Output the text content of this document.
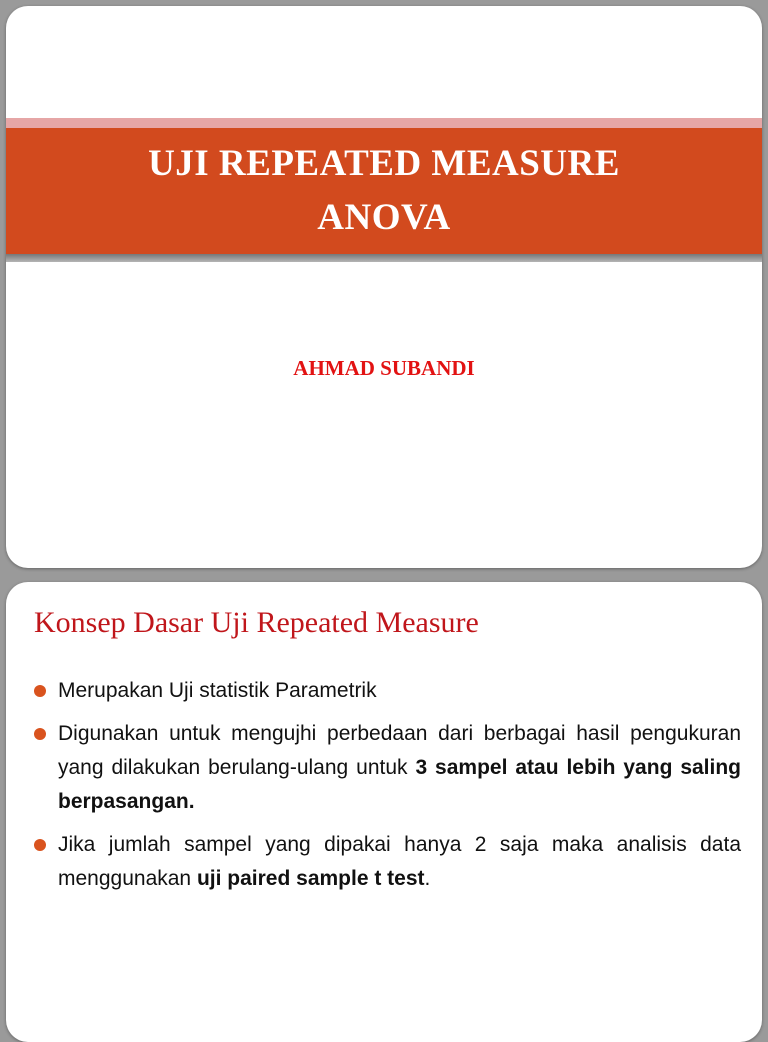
UJI REPEATED MEASURE
ANOVA
AHMAD SUBANDI
Konsep Dasar Uji Repeated Measure
Merupakan Uji statistik Parametrik
Digunakan untuk mengujhi perbedaan dari berbagai hasil pengukuran yang dilakukan berulang-ulang untuk 3 sampel atau lebih yang saling berpasangan.
Jika jumlah sampel yang dipakai hanya 2 saja maka analisis data menggunakan uji paired sample t test.
